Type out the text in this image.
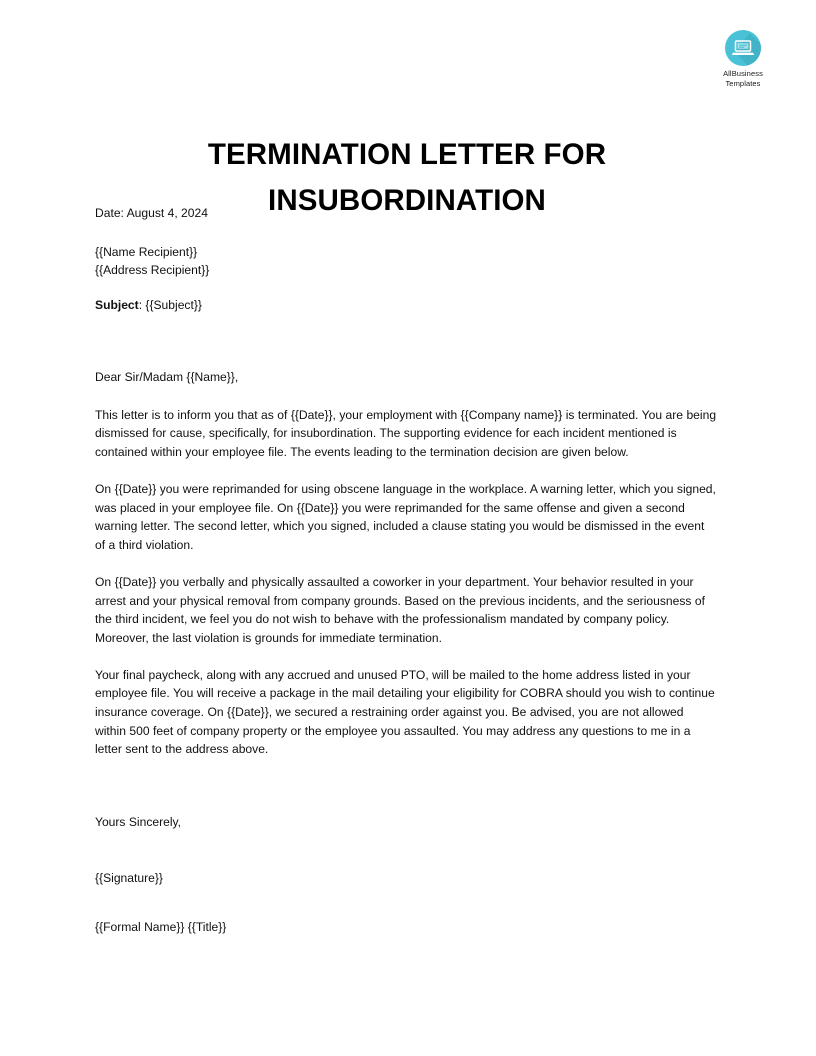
AllBusiness
Templates
TERMINATION LETTER FOR
INSUBORDINATION

Date: August 4, 2024

{{Name Recipient}}

{{Address Recipient}}

Subject: {{Subject}}

Dear Sir/Madam {{Name}},

This letter is to inform you that as of {{Date}}, your employment with {{Company name}} is terminated. You are being dismissed for cause, specifically, for insubordination. The supporting evidence for each incident mentioned is contained within your employee file. The events leading to the termination decision are given below.

On {{Date}} you were reprimanded for using obscene language in the workplace. A warning letter, which you signed, was placed in your employee file. On {{Date}} you were reprimanded for the same offense and given a second warning letter. The second letter, which you signed, included a clause stating you would be dismissed in the event of a third violation.

On {{Date}} you verbally and physically assaulted a coworker in your department. Your behavior resulted in your arrest and your physical removal from company grounds. Based on the previous incidents, and the seriousness of the third incident, we feel you do not wish to behave with the professionalism mandated by company policy. Moreover, the last violation is grounds for immediate termination.

Your final paycheck, along with any accrued and unused PTO, will be mailed to the home address listed in your employee file. You will receive a package in the mail detailing your eligibility for COBRA should you wish to continue insurance coverage. On {{Date}}, we secured a restraining order against you. Be advised, you are not allowed within 500 feet of company property or the employee you assaulted. You may address any questions to me in a letter sent to the address above.

Yours Sincerely,

{{Signature}}

{{Formal Name}} {{Title}}
